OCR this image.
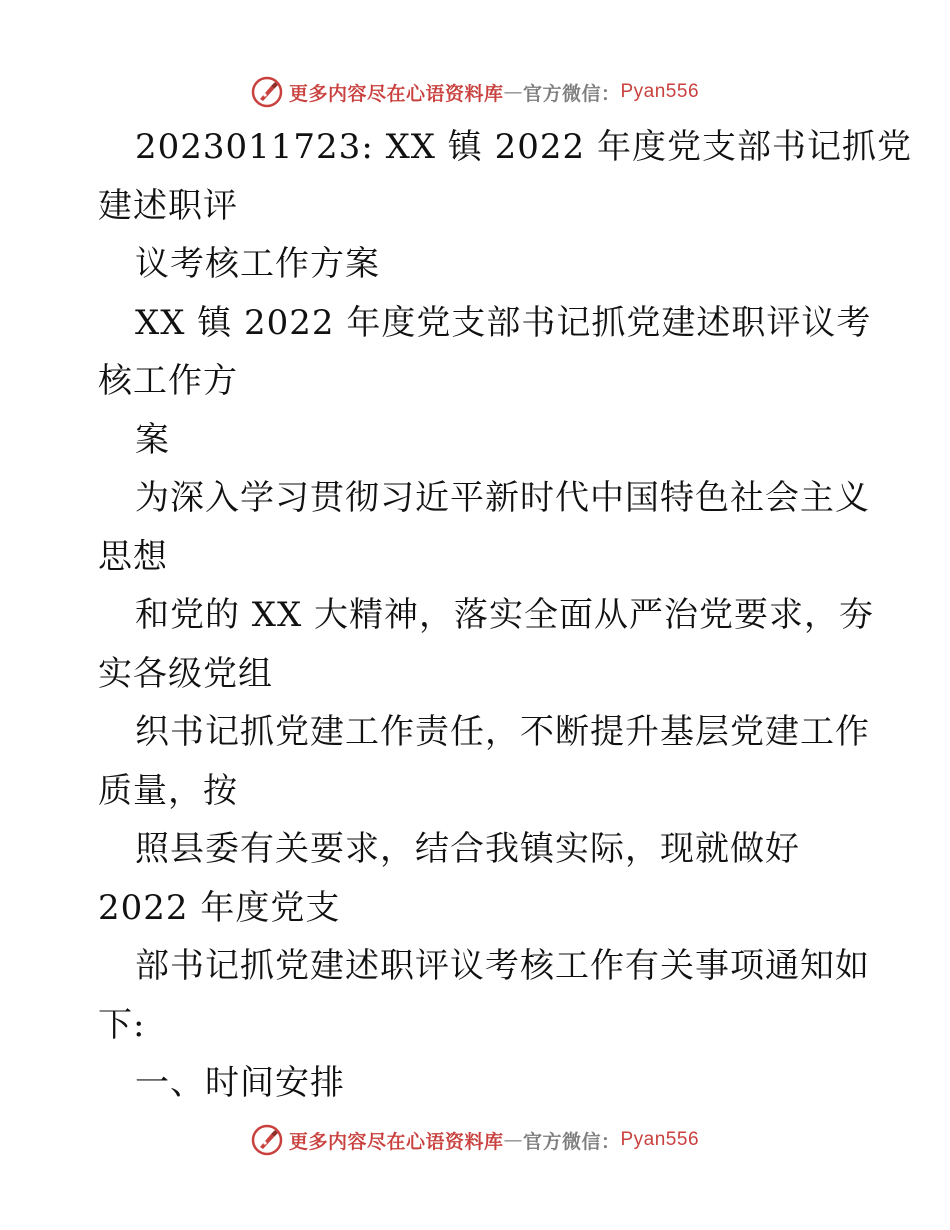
更多内容尽在心语资料库 — 官方微信： Pyan556
2023011723: XX 镇 2022 年度党支部书记抓党
建述职评
议考核工作方案
XX 镇 2022 年度党支部书记抓党建述职评议考
核工作方
案
为深入学习贯彻习近平新时代中国特色社会主义
思想
和党的 XX 大精神，落实全面从严治党要求，夯
实各级党组
织书记抓党建工作责任，不断提升基层党建工作
质量，按
照县委有关要求，结合我镇实际，现就做好
2022 年度党支
部书记抓党建述职评议考核工作有关事项通知如
下:
一、时间安排
更多内容尽在心语资料库 — 官方微信： Pyan556
